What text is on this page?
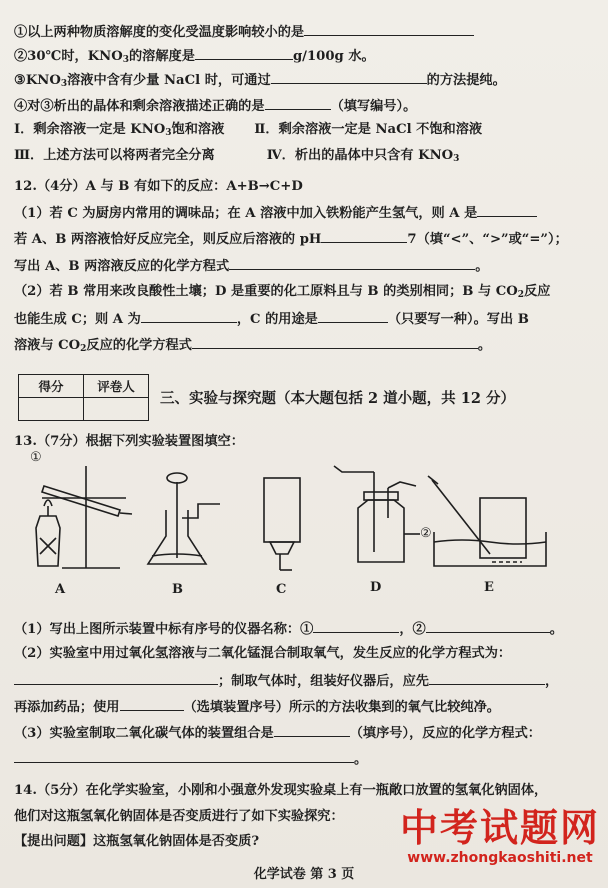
①以上两种物质溶解度的变化受温度影响较小的是
②30℃时，$KNO_3$的溶解度是	g/100g 水。
$③KNO_3$溶液中含有少量 NaCl 时，可通过	的方法提纯。
④对③析出的晶体和剩余溶液描述正确的是	（填写编号）。
Ⅰ．剩余溶液一定是 $KNO_3$饱和溶液 Ⅱ．剩余溶液一定是 NaCl 不饱和溶液
Ⅲ．上述方法可以将两者完全分离	Ⅳ．析出的晶体中只含有 $KNO_3$
12.（4分）A 与 B 有如下的反应：A+B→C+D
（1）若 C 为厨房内常用的调味品；在 A 溶液中加入铁粉能产生氢气，则 A 是
若 A、B 两溶液恰好反应完全，则反应后溶液的 pH	7（填“<”、“>”或“=”）；
写出 A、B 两溶液反应的化学方程式	。
（2）若 B 常用来改良酸性土壤；D 是重要的化工原料且与 B 的类别相同；B 与 $CO_2$反应
也能生成 C；则 A 为	，C 的用途是	（只要写一种）。写出 B
溶液与 $CO_2$反应的化学方程式	。
得分	评卷人

三、实验与探究题（本大题包括 2 道小题，共 12 分）
13.（7分）根据下列实验装置图填空：
①
②
A	B	C	D	E
（1）写出上图所示装置中标有序号的仪器名称：①	，②	。
（2）实验室中用过氧化氢溶液与二氧化锰混合制取氧气，发生反应的化学方程式为：
；制取气体时，组装好仪器后，应先	，
再添加药品；使用	（选填装置序号）所示的方法收集到的氧气比较纯净。
（3）实验室制取二氧化碳气体的装置组合是	（填序号），反应的化学方程式：
。
14.（5分）在化学实验室，小刚和小强意外发现实验桌上有一瓶敞口放置的氢氧化钠固体，
他们对这瓶氢氧化钠固体是否变质进行了如下实验探究：
【提出问题】这瓶氢氧化钠固体是否变质?	中考试题网
www.zhongkaoshiti.net
化学试卷 第 3 页
